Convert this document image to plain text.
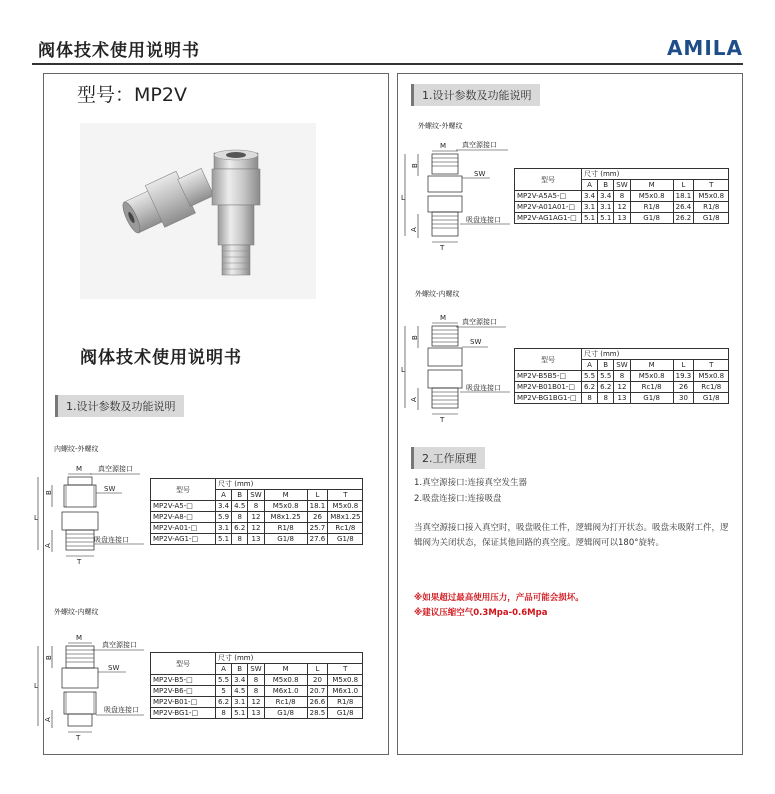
阀体技术使用说明书	AMILA
型号：MP2V
阀体技术使用说明书
1.设计参数及功能说明
内螺纹-外螺纹
M 真空源接口
SW
B
吸盘连接口
L
A
T
型号	尺寸 (mm)					
	A	B	SW	M	L	T
MP2V-A5-□	3.4	4.5	8	M5x0.8	18.1	M5x0.8
MP2V-A8-□	5.9	8	12	M8x1.25	26	M8x1.25
MP2V-A01-□	3.1	6.2	12	R1/8	25.7	Rc1/8
MP2V-AG1-□	5.1	8	13	G1/8	27.6	G1/8
外螺纹-内螺纹
M
真空源接口
B
SW
吸盘连接口
L
A
T
型号	尺寸 (mm)					
	A	B	SW	M	L	T
MP2V-B5-□	5.5	3.4	8	M5x0.8	20	M5x0.8
MP2V-B6-□	5	4.5	8	M6x1.0	20.7	M6x1.0
MP2V-B01-□	6.2	3.1	12	Rc1/8	26.6	R1/8
MP2V-BG1-□	8	5.1	13	G1/8	28.5	G1/8
1.设计参数及功能说明
外螺纹-外螺纹
M 真空源接口
B
SW
吸盘连接口
L
A
T
型号	尺寸 (mm)					
	A	B	SW	M	L	T
MP2V-A5A5-□	3.4	3.4	8	M5x0.8	18.1	M5x0.8
MP2V-A01A01-□	3.1	3.1	12	R1/8	26.4	R1/8
MP2V-AG1AG1-□	5.1	5.1	13	G1/8	26.2	G1/8
外螺纹-内螺纹
M 真空源接口
B
SW
吸盘连接口
L
A
T
型号	尺寸 (mm)					
	A	B	SW	M	L	T
MP2V-B5B5-□	5.5	5.5	8	M5x0.8	19.3	M5x0.8
MP2V-B01B01-□	6.2	6.2	12	Rc1/8	26	Rc1/8
MP2V-BG1BG1-□	8	8	13	G1/8	30	G1/8
2.工作原理
1.真空源接口:连接真空发生器
2.吸盘连接口:连接吸盘
当真空源接口接入真空时，吸盘吸住工件，逻辑阀为打开状态。吸盘未吸附工件，逻辑阀为关闭状态，保证其他回路的真空度。逻辑阀可以180°旋转。
※如果超过最高使用压力，产品可能会损坏。
※建议压缩空气0.3Mpa-0.6Mpa
